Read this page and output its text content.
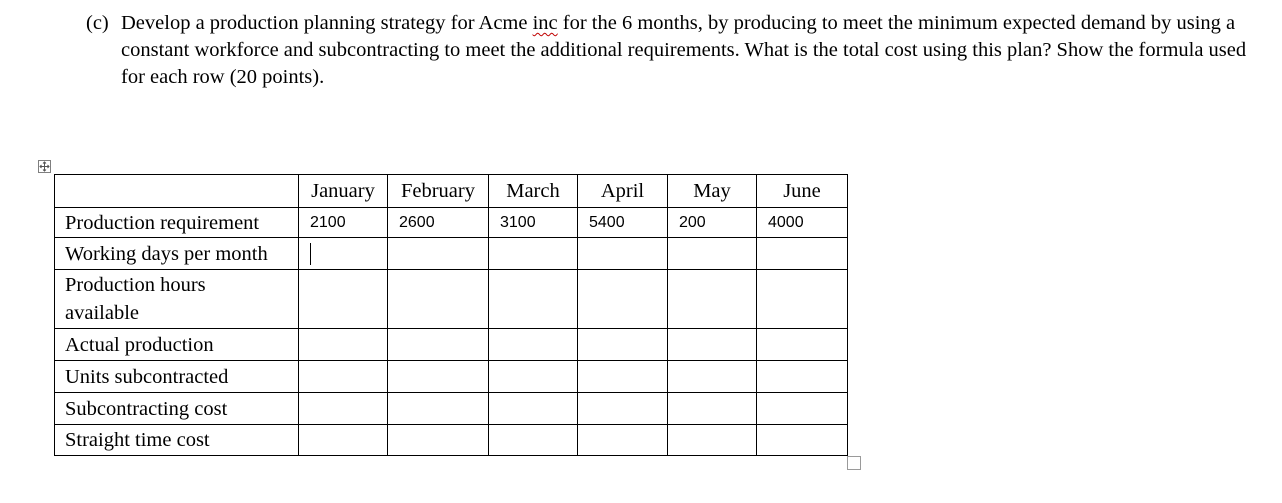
(c) Develop a production planning strategy for Acme inc for the 6 months, by producing to meet the minimum expected demand by using a constant workforce and subcontracting to meet the additional requirements. What is the total cost using this plan? Show the formula used for each row (20 points).
	January	February	March	April	May	June
Production requirement	2100	2600	3100	5400	200	4000
Working days per month						
Production hours available						
Actual production						
Units subcontracted						
Subcontracting cost						
Straight time cost						
